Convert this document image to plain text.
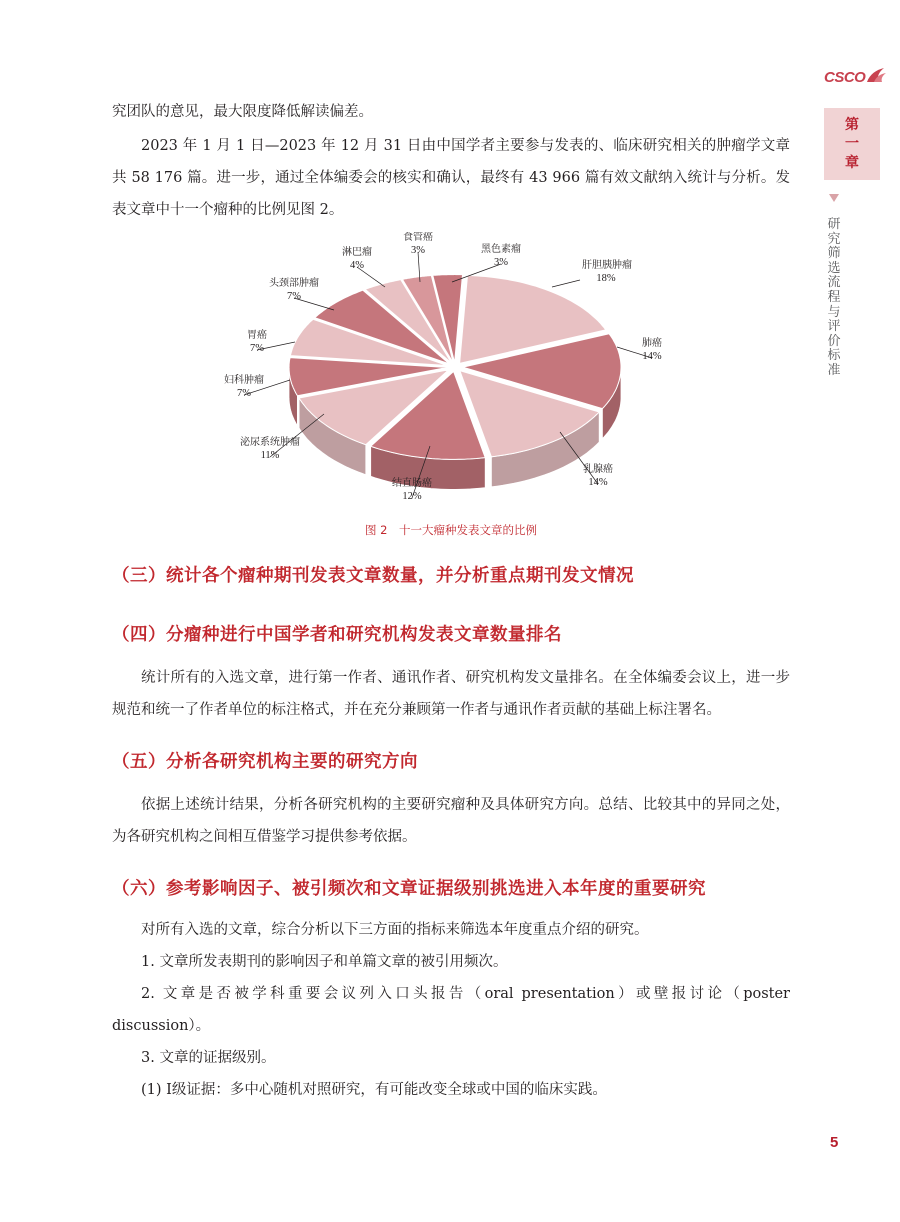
CSCO
第
一
章
研
究
筛
选
流
程
与
评
价
标
准

究团队的意见，最大限度降低解读偏差。

2023 年 1 月 1 日—2023 年 12 月 31 日由中国学者主要参与发表的、临床研究相关的肿瘤学文章共 58 176 篇。进一步，通过全体编委会的核实和确认，最终有 43 966 篇有效文献纳入统计与分析。发表文章中十一个瘤种的比例见图 2。

肝胆胰肿瘤
18%
肺癌
14%
乳腺癌
14%
结直肠癌
12%
泌尿系统肿瘤
11%
妇科肿瘤
7%
胃癌
7%
头颈部肿瘤
7%
淋巴瘤
4%
食管癌
3%	黑色素瘤
3%
图 2　十一大瘤种发表文章的比例
（三）统计各个瘤种期刊发表文章数量，并分析重点期刊发文情况
（四）分瘤种进行中国学者和研究机构发表文章数量排名

统计所有的入选文章，进行第一作者、通讯作者、研究机构发文量排名。在全体编委会议上，进一步规范和统一了作者单位的标注格式，并在充分兼顾第一作者与通讯作者贡献的基础上标注署名。

（五）分析各研究机构主要的研究方向

依据上述统计结果，分析各研究机构的主要研究瘤种及具体研究方向。总结、比较其中的异同之处，为各研究机构之间相互借鉴学习提供参考依据。

（六）参考影响因子、被引频次和文章证据级别挑选进入本年度的重要研究

对所有入选的文章，综合分析以下三方面的指标来筛选本年度重点介绍的研究。

1. 文章所发表期刊的影响因子和单篇文章的被引用频次。

2. 文章是否被学科重要会议列入口头报告（oral presentation）或壁报讨论（poster discussion）。

3. 文章的证据级别。

(1) Ⅰ级证据：多中心随机对照研究，有可能改变全球或中国的临床实践。

5
